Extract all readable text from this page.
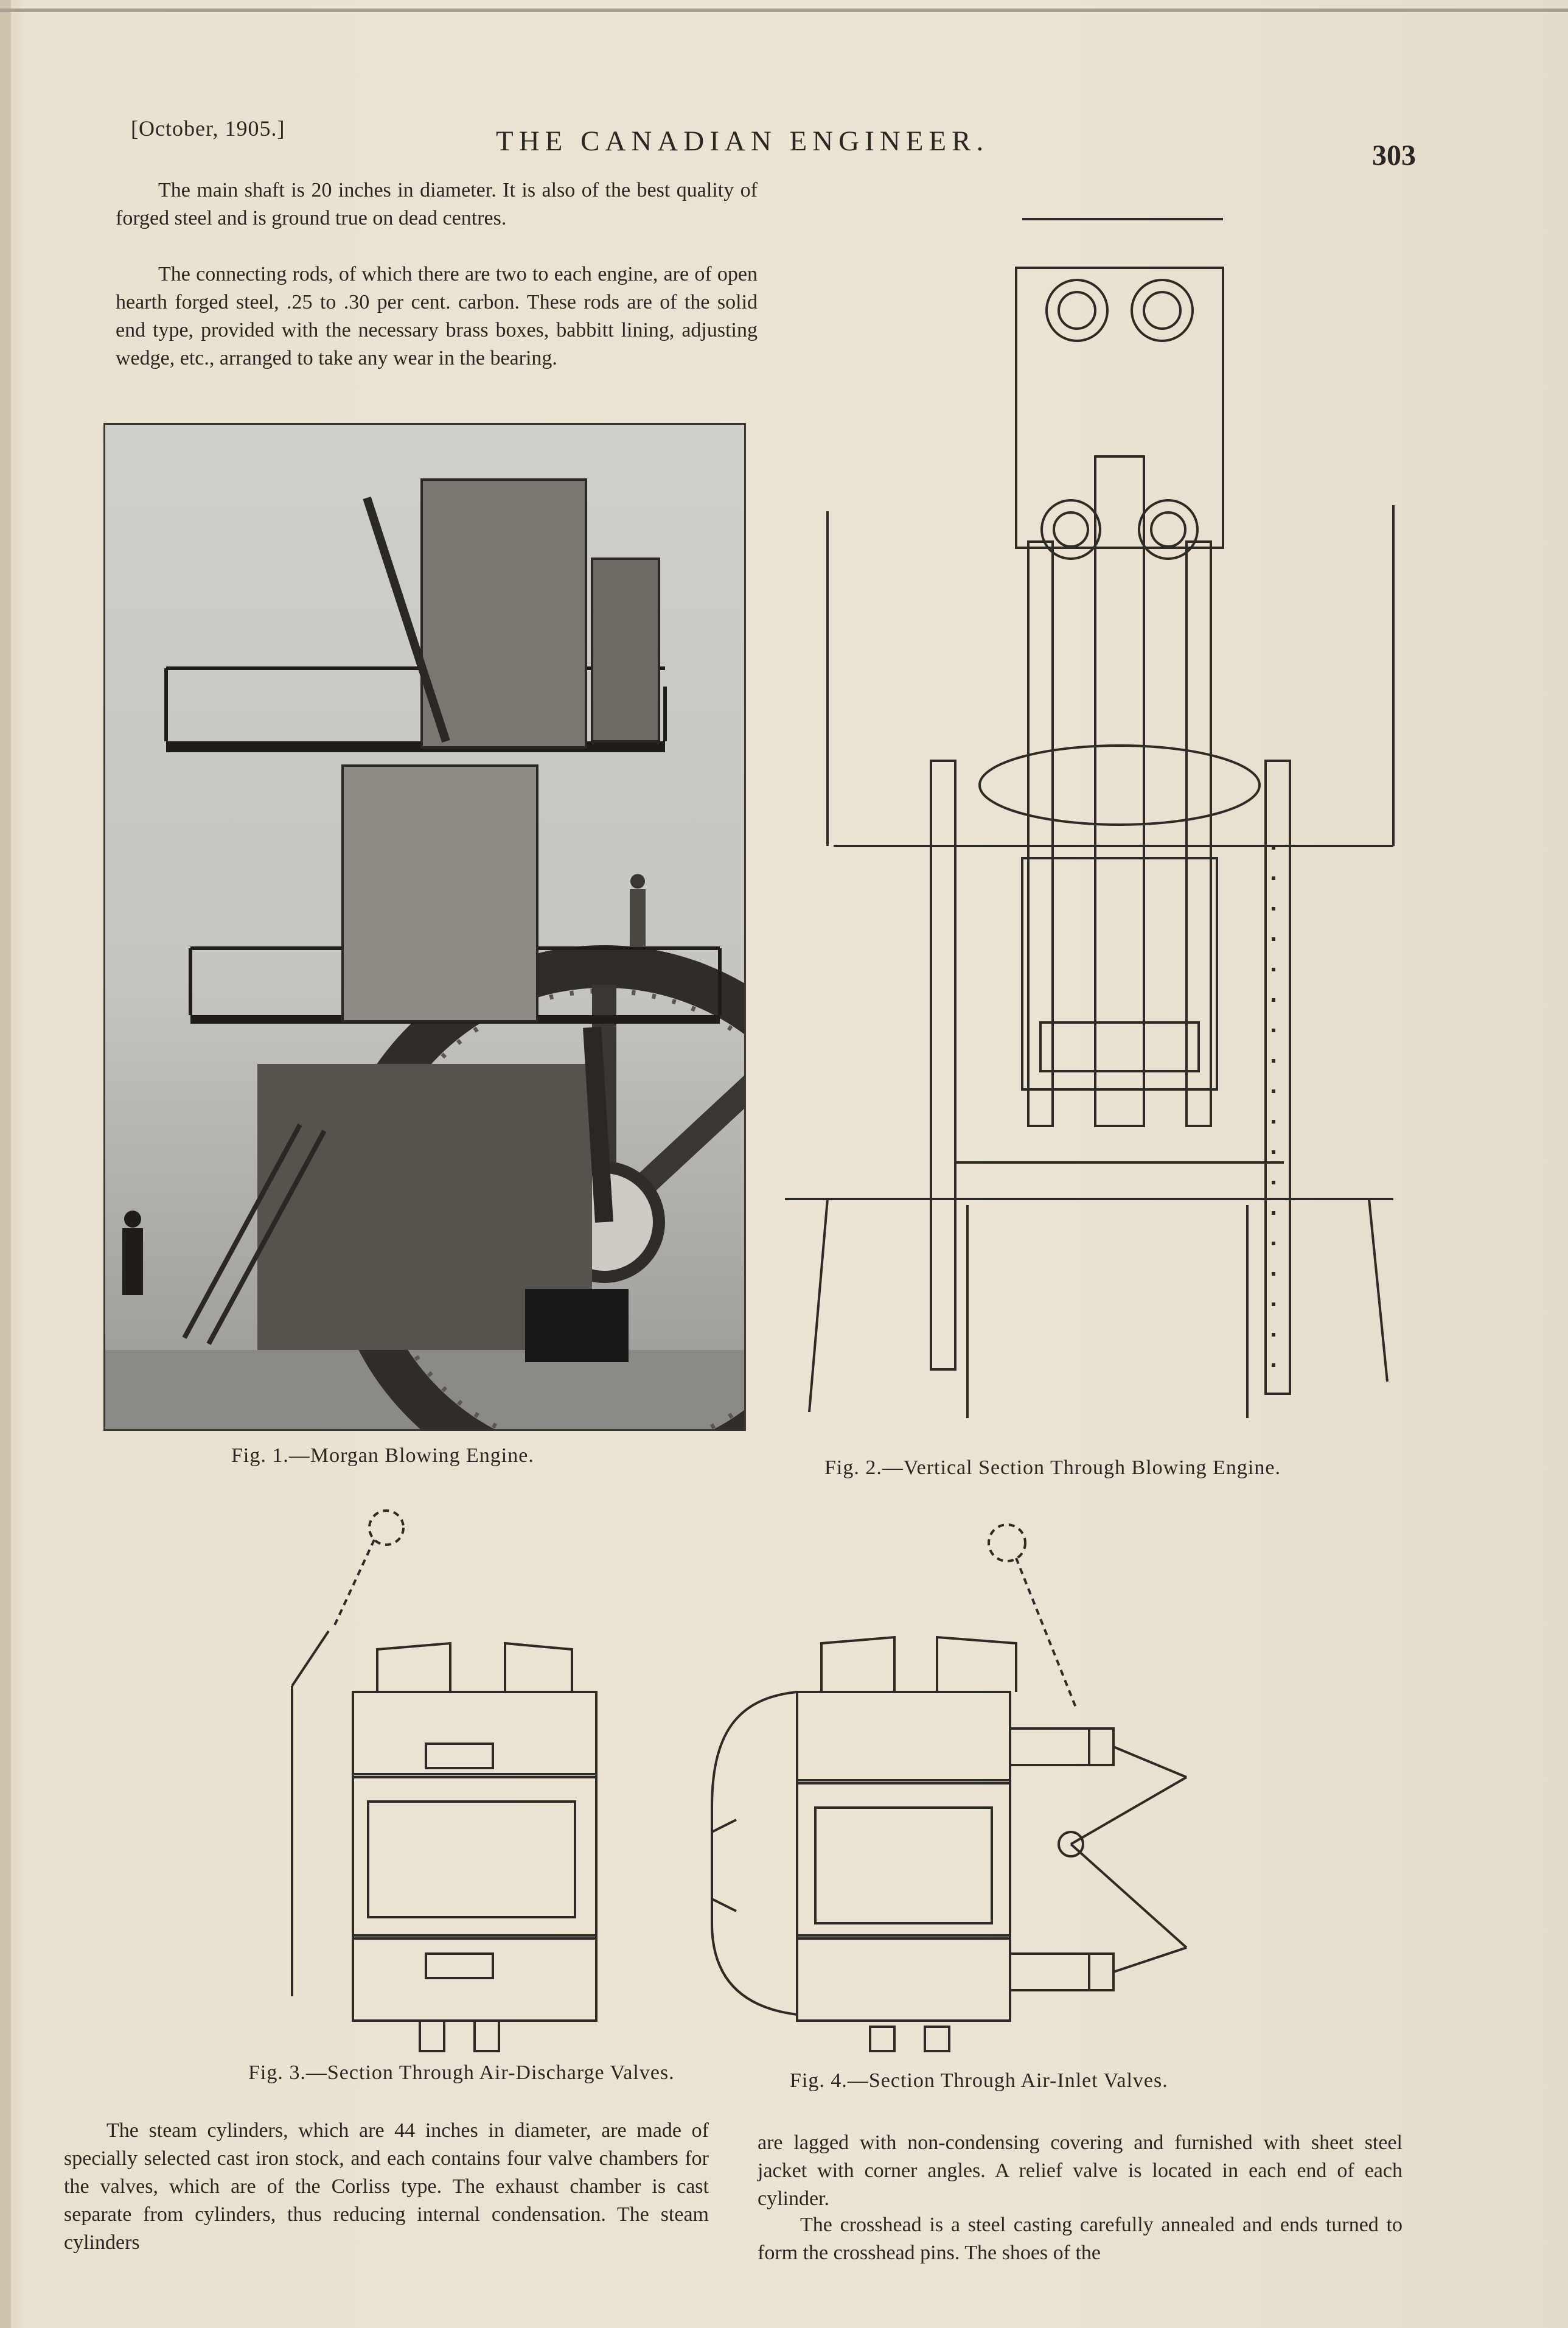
[October, 1905.]	THE CANADIAN ENGINEER.	303

The main shaft is 20 inches in diameter. It is also of the best quality of forged steel and is ground true on dead centres.

The connecting rods, of which there are two to each engine, are of open hearth forged steel, .25 to .30 per cent. carbon. These rods are of the solid end type, provided with the necessary brass boxes, babbitt lining, adjusting wedge, etc., arranged to take any wear in the bearing.

Fig. 1.—Morgan Blowing Engine.
Fig. 2.—Vertical Section Through Blowing Engine.
Fig. 3.—Section Through Air-Discharge Valves.	Fig. 4.—Section Through Air-Inlet Valves.

The steam cylinders, which are 44 inches in diameter, are made of specially selected cast iron stock, and each contains four valve chambers for the valves, which are of the Corliss type. The exhaust chamber is cast separate from cylinders, thus reducing internal condensation. The steam cylinders

are lagged with non-condensing covering and furnished with sheet steel jacket with corner angles. A relief valve is located in each end of each cylinder.

The crosshead is a steel casting carefully annealed and ends turned to form the crosshead pins. The shoes of the
